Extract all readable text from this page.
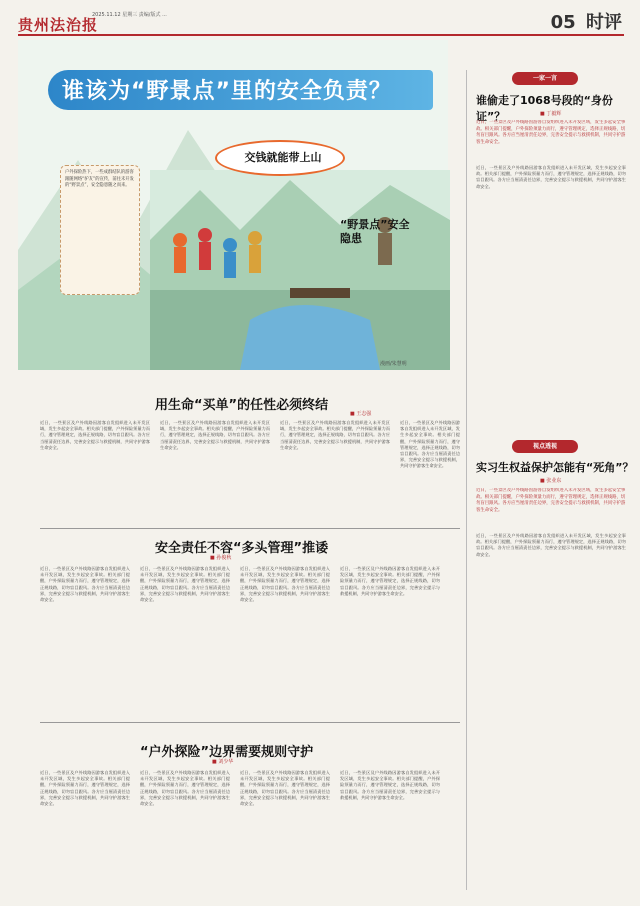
贵州法治报
2025.11.12 星期三 责编/版式 ...	05 时评
谁该为“野景点”里的安全负责？
户外探险热下，一些成群结队的游客跟随网络“驴友”的宣传，前往未开发的“野景点”，安全隐患随之而来。
交钱就能带上山
“野景点”安全隐患
漫画/朱慧明
用生命“买单”的任性必须终结
■ 王志强
近日，一些景区及户外线路因游客自发组织进入未开发区域，发生多起安全事故。相关部门提醒，户外探险须量力而行，遵守管理规定，选择正规线路，切勿盲目跟风。各方应当厘清责任边界，完善安全提示与救援机制，共同守护游客生命安全。
近日，一些景区及户外线路因游客自发组织进入未开发区域，发生多起安全事故。相关部门提醒，户外探险须量力而行，遵守管理规定，选择正规线路，切勿盲目跟风。各方应当厘清责任边界，完善安全提示与救援机制，共同守护游客生命安全。
近日，一些景区及户外线路因游客自发组织进入未开发区域，发生多起安全事故。相关部门提醒，户外探险须量力而行，遵守管理规定，选择正规线路，切勿盲目跟风。各方应当厘清责任边界，完善安全提示与救援机制，共同守护游客生命安全。
近日，一些景区及户外线路因游客自发组织进入未开发区域，发生多起安全事故。相关部门提醒，户外探险须量力而行，遵守管理规定，选择正规线路，切勿盲目跟风。各方应当厘清责任边界，完善安全提示与救援机制，共同守护游客生命安全。
安全责任不容“多头管理”推诿
■ 孙俊秋
近日，一些景区及户外线路因游客自发组织进入未开发区域，发生多起安全事故。相关部门提醒，户外探险须量力而行，遵守管理规定，选择正规线路，切勿盲目跟风。各方应当厘清责任边界，完善安全提示与救援机制，共同守护游客生命安全。
近日，一些景区及户外线路因游客自发组织进入未开发区域，发生多起安全事故。相关部门提醒，户外探险须量力而行，遵守管理规定，选择正规线路，切勿盲目跟风。各方应当厘清责任边界，完善安全提示与救援机制，共同守护游客生命安全。
近日，一些景区及户外线路因游客自发组织进入未开发区域，发生多起安全事故。相关部门提醒，户外探险须量力而行，遵守管理规定，选择正规线路，切勿盲目跟风。各方应当厘清责任边界，完善安全提示与救援机制，共同守护游客生命安全。
近日，一些景区及户外线路因游客自发组织进入未开发区域，发生多起安全事故。相关部门提醒，户外探险须量力而行，遵守管理规定，选择正规线路，切勿盲目跟风。各方应当厘清责任边界，完善安全提示与救援机制，共同守护游客生命安全。
“户外探险”边界需要规则守护
■ 刘少华
近日，一些景区及户外线路因游客自发组织进入未开发区域，发生多起安全事故。相关部门提醒，户外探险须量力而行，遵守管理规定，选择正规线路，切勿盲目跟风。各方应当厘清责任边界，完善安全提示与救援机制，共同守护游客生命安全。
近日，一些景区及户外线路因游客自发组织进入未开发区域，发生多起安全事故。相关部门提醒，户外探险须量力而行，遵守管理规定，选择正规线路，切勿盲目跟风。各方应当厘清责任边界，完善安全提示与救援机制，共同守护游客生命安全。
近日，一些景区及户外线路因游客自发组织进入未开发区域，发生多起安全事故。相关部门提醒，户外探险须量力而行，遵守管理规定，选择正规线路，切勿盲目跟风。各方应当厘清责任边界，完善安全提示与救援机制，共同守护游客生命安全。
近日，一些景区及户外线路因游客自发组织进入未开发区域，发生多起安全事故。相关部门提醒，户外探险须量力而行，遵守管理规定，选择正规线路，切勿盲目跟风。各方应当厘清责任边界，完善安全提示与救援机制，共同守护游客生命安全。
一家一言
谁偷走了1068号段的“身份证”？	■ 丁毅辉
近日，一些景区及户外线路因游客自发组织进入未开发区域，发生多起安全事故。相关部门提醒，户外探险须量力而行，遵守管理规定，选择正规线路，切勿盲目跟风。各方应当厘清责任边界，完善安全提示与救援机制，共同守护游客生命安全。
近日，一些景区及户外线路因游客自发组织进入未开发区域，发生多起安全事故。相关部门提醒，户外探险须量力而行，遵守管理规定，选择正规线路，切勿盲目跟风。各方应当厘清责任边界，完善安全提示与救援机制，共同守护游客生命安全。
视点透视
实习生权益保护怎能有“死角”？
■ 张业东
近日，一些景区及户外线路因游客自发组织进入未开发区域，发生多起安全事故。相关部门提醒，户外探险须量力而行，遵守管理规定，选择正规线路，切勿盲目跟风。各方应当厘清责任边界，完善安全提示与救援机制，共同守护游客生命安全。
近日，一些景区及户外线路因游客自发组织进入未开发区域，发生多起安全事故。相关部门提醒，户外探险须量力而行，遵守管理规定，选择正规线路，切勿盲目跟风。各方应当厘清责任边界，完善安全提示与救援机制，共同守护游客生命安全。
